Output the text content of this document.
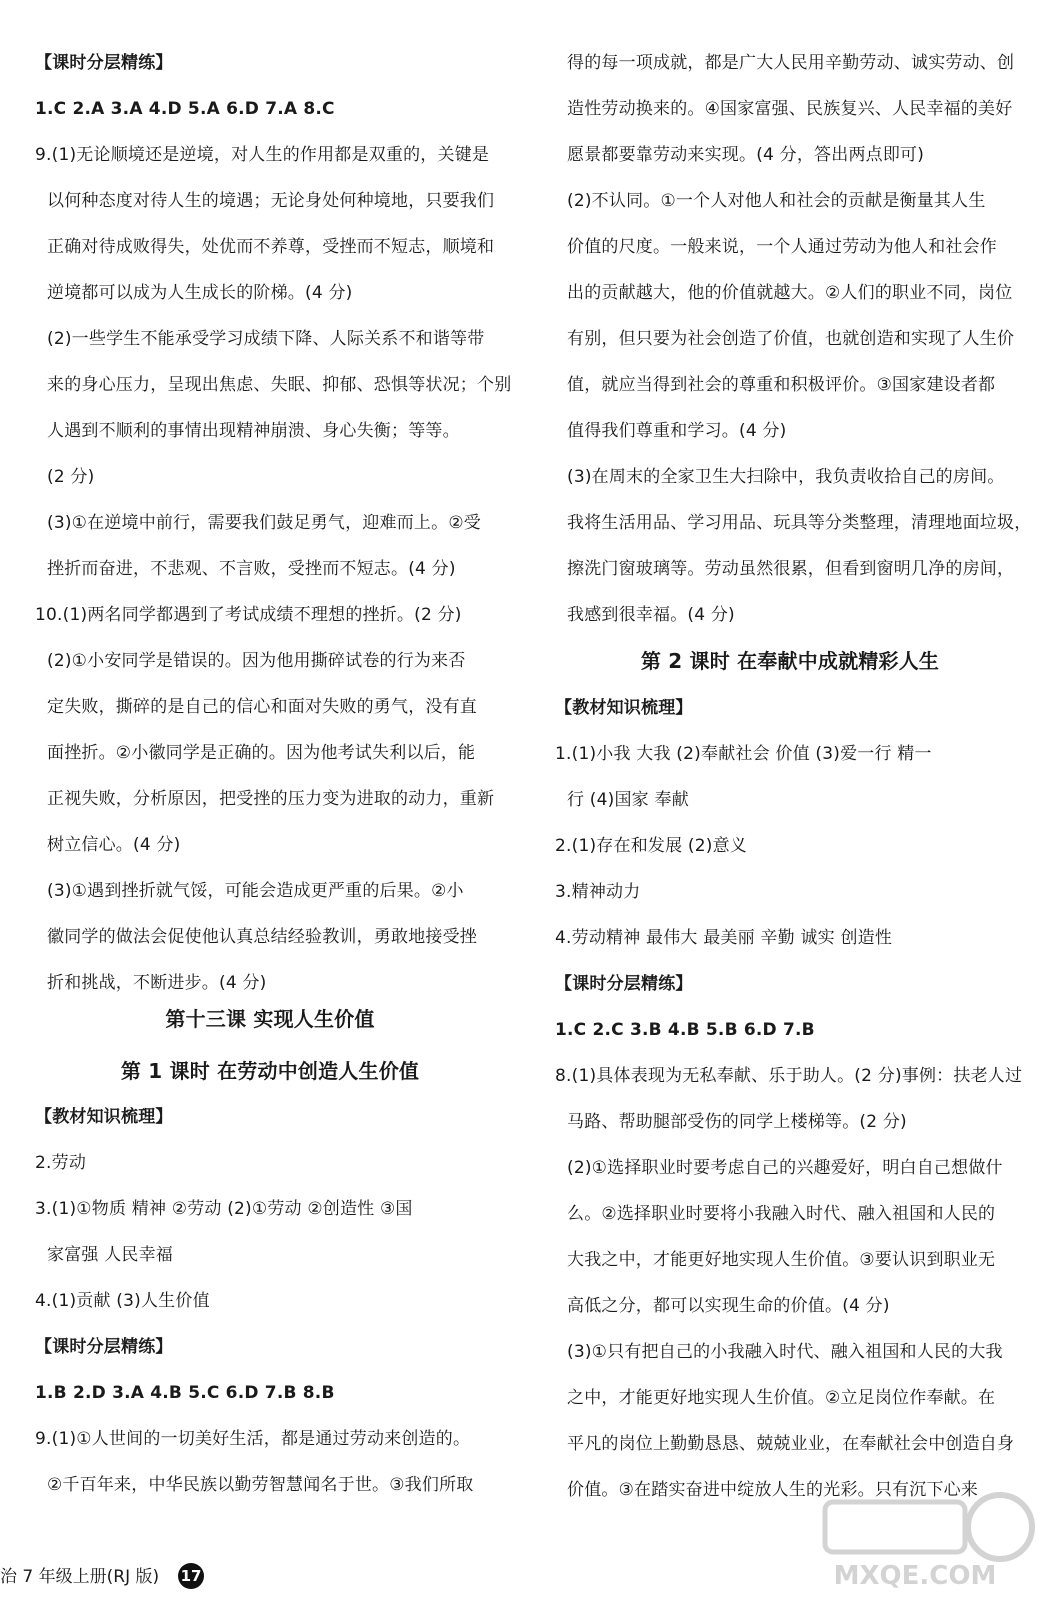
【课时分层精练】
1.C 2.A 3.A 4.D 5.A 6.D 7.A 8.C
9.(1)无论顺境还是逆境，对人生的作用都是双重的，关键是
以何种态度对待人生的境遇；无论身处何种境地，只要我们
正确对待成败得失，处优而不养尊，受挫而不短志，顺境和
逆境都可以成为人生成长的阶梯。(4 分)
(2)一些学生不能承受学习成绩下降、人际关系不和谐等带
来的身心压力，呈现出焦虑、失眠、抑郁、恐惧等状况；个别
人遇到不顺利的事情出现精神崩溃、身心失衡；等等。
(2 分)
(3)①在逆境中前行，需要我们鼓足勇气，迎难而上。②受
挫折而奋进，不悲观、不言败，受挫而不短志。(4 分)
10.(1)两名同学都遇到了考试成绩不理想的挫折。(2 分)
(2)①小安同学是错误的。因为他用撕碎试卷的行为来否
定失败，撕碎的是自己的信心和面对失败的勇气，没有直
面挫折。②小徽同学是正确的。因为他考试失利以后，能
正视失败，分析原因，把受挫的压力变为进取的动力，重新
树立信心。(4 分)
(3)①遇到挫折就气馁，可能会造成更严重的后果。②小
徽同学的做法会促使他认真总结经验教训，勇敢地接受挫
折和挑战，不断进步。(4 分)
第十三课 实现人生价值
第 1 课时 在劳动中创造人生价值
【教材知识梳理】
2.劳动
3.(1)①物质 精神 ②劳动 (2)①劳动 ②创造性 ③国
家富强 人民幸福
4.(1)贡献 (3)人生价值
【课时分层精练】
1.B 2.D 3.A 4.B 5.C 6.D 7.B 8.B
9.(1)①人世间的一切美好生活，都是通过劳动来创造的。
②千百年来，中华民族以勤劳智慧闻名于世。③我们所取
得的每一项成就，都是广大人民用辛勤劳动、诚实劳动、创
造性劳动换来的。④国家富强、民族复兴、人民幸福的美好
愿景都要靠劳动来实现。(4 分，答出两点即可)
(2)不认同。①一个人对他人和社会的贡献是衡量其人生
价值的尺度。一般来说，一个人通过劳动为他人和社会作
出的贡献越大，他的价值就越大。②人们的职业不同，岗位
有别，但只要为社会创造了价值，也就创造和实现了人生价
值，就应当得到社会的尊重和积极评价。③国家建设者都
值得我们尊重和学习。(4 分)
(3)在周末的全家卫生大扫除中，我负责收拾自己的房间。
我将生活用品、学习用品、玩具等分类整理，清理地面垃圾，
擦洗门窗玻璃等。劳动虽然很累，但看到窗明几净的房间，
我感到很幸福。(4 分)
第 2 课时 在奉献中成就精彩人生
【教材知识梳理】
1.(1)小我 大我 (2)奉献社会 价值 (3)爱一行 精一
行 (4)国家 奉献
2.(1)存在和发展 (2)意义
3.精神动力
4.劳动精神 最伟大 最美丽 辛勤 诚实 创造性
【课时分层精练】
1.C 2.C 3.B 4.B 5.B 6.D 7.B
8.(1)具体表现为无私奉献、乐于助人。(2 分)事例：扶老人过
马路、帮助腿部受伤的同学上楼梯等。(2 分)
(2)①选择职业时要考虑自己的兴趣爱好，明白自己想做什
么。②选择职业时要将小我融入时代、融入祖国和人民的
大我之中，才能更好地实现人生价值。③要认识到职业无
高低之分，都可以实现生命的价值。(4 分)
(3)①只有把自己的小我融入时代、融入祖国和人民的大我
之中，才能更好地实现人生价值。②立足岗位作奉献。在
平凡的岗位上勤勤恳恳、兢兢业业，在奉献社会中创造自身
价值。③在踏实奋进中绽放人生的光彩。只有沉下心来
治 7 年级上册(RJ 版) 17	MXQE.COM
